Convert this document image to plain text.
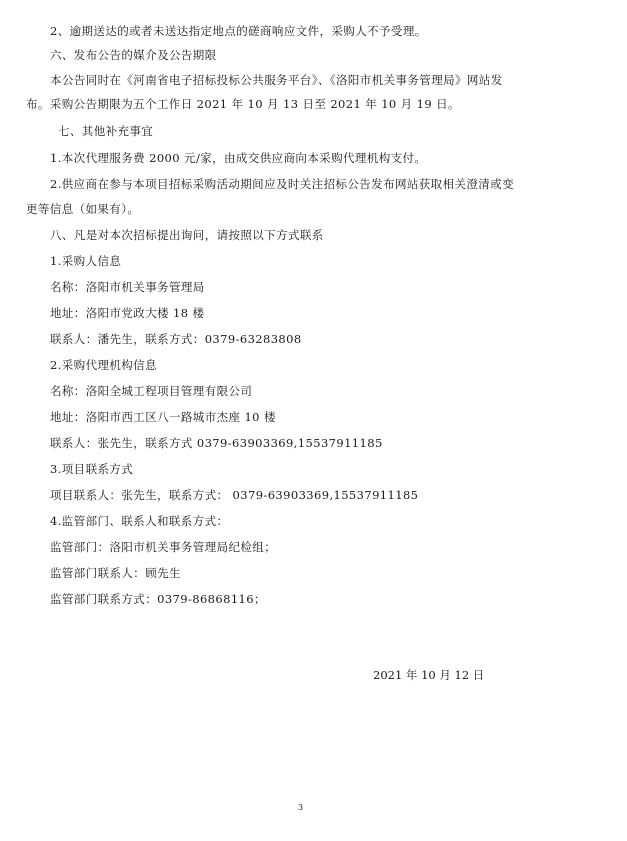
2、逾期送达的或者未送达指定地点的磋商响应文件，采购人不予受理。
六、发布公告的媒介及公告期限
本公告同时在《河南省电子招标投标公共服务平台》、《洛阳市机关事务管理局》网站发
布。采购公告期限为五个工作日 2021 年 10 月 13 日至 2021 年 10 月 19 日。
七、其他补充事宜
1.本次代理服务费 2000 元/家，由成交供应商向本采购代理机构支付。
2.供应商在参与本项目招标采购活动期间应及时关注招标公告发布网站获取相关澄清或变
更等信息（如果有）。
八、凡是对本次招标提出询问，请按照以下方式联系
1.采购人信息
名称：洛阳市机关事务管理局
地址：洛阳市党政大楼 18 楼
联系人：潘先生，联系方式：0379-63283808
2.采购代理机构信息
名称：洛阳全城工程项目管理有限公司
地址：洛阳市西工区八一路城市杰座 10 楼
联系人：张先生，联系方式 0379-63903369,15537911185
3.项目联系方式
项目联系人：张先生，联系方式： 0379-63903369,15537911185
4.监管部门、联系人和联系方式：
监管部门：洛阳市机关事务管理局纪检组；
监管部门联系人：顾先生
监管部门联系方式：0379-86868116；
2021 年 10 月 12 日
3
